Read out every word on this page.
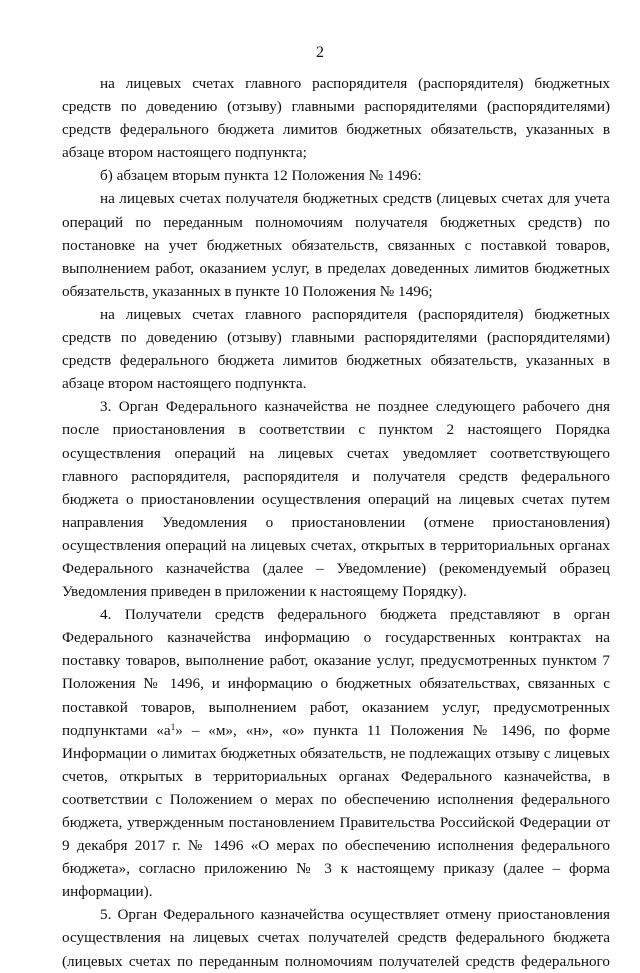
2

на лицевых счетах главного распорядителя (распорядителя) бюджетных средств по доведению (отзыву) главными распорядителями (распорядителями) средств федерального бюджета лимитов бюджетных обязательств, указанных в абзаце втором настоящего подпункта;

б) абзацем вторым пункта 12 Положения № 1496:

на лицевых счетах получателя бюджетных средств (лицевых счетах для учета операций по переданным полномочиям получателя бюджетных средств) по постановке на учет бюджетных обязательств, связанных с поставкой товаров, выполнением работ, оказанием услуг, в пределах доведенных лимитов бюджетных обязательств, указанных в пункте 10 Положения № 1496;

на лицевых счетах главного распорядителя (распорядителя) бюджетных средств по доведению (отзыву) главными распорядителями (распорядителями) средств федерального бюджета лимитов бюджетных обязательств, указанных в абзаце втором настоящего подпункта.

3. Орган Федерального казначейства не позднее следующего рабочего дня после приостановления в соответствии с пунктом 2 настоящего Порядка осуществления операций на лицевых счетах уведомляет соответствующего главного распорядителя, распорядителя и получателя средств федерального бюджета о приостановлении осуществления операций на лицевых счетах путем направления Уведомления о приостановлении (отмене приостановления) осуществления операций на лицевых счетах, открытых в территориальных органах Федерального казначейства (далее – Уведомление) (рекомендуемый образец Уведомления приведен в приложении к настоящему Порядку).

4. Получатели средств федерального бюджета представляют в орган Федерального казначейства информацию о государственных контрактах на поставку товаров, выполнение работ, оказание услуг, предусмотренных пунктом 7 Положения № 1496, и информацию о бюджетных обязательствах, связанных с поставкой товаров, выполнением работ, оказанием услуг, предусмотренных подпунктами «$а^1$» – «м», «н», «о» пункта 11 Положения № 1496, по форме Информации о лимитах бюджетных обязательств, не подлежащих отзыву с лицевых счетов, открытых в территориальных органах Федерального казначейства, в соответствии с Положением о мерах по обеспечению исполнения федерального бюджета, утвержденным постановлением Правительства Российской Федерации от 9 декабря 2017 г. № 1496 «О мерах по обеспечению исполнения федерального бюджета», согласно приложению № 3 к настоящему приказу (далее – форма информации).

5. Орган Федерального казначейства осуществляет отмену приостановления осуществления на лицевых счетах получателей средств федерального бюджета (лицевых счетах по переданным полномочиям получателей средств федерального
